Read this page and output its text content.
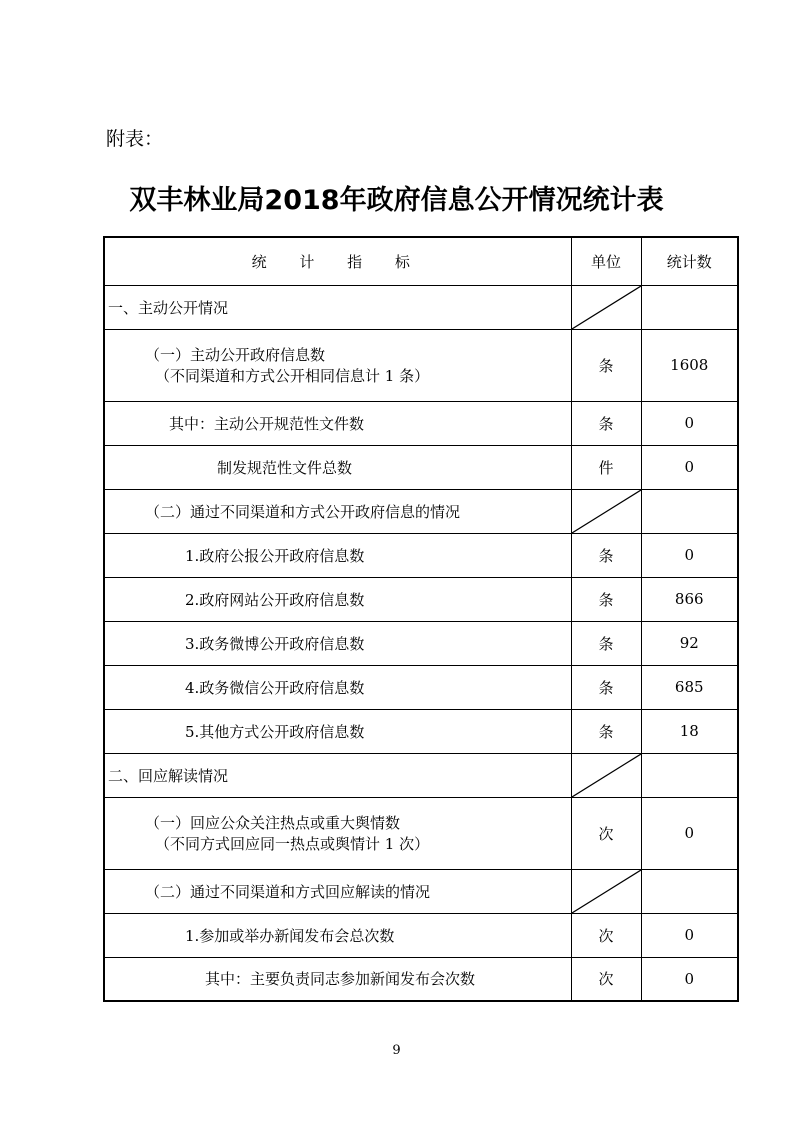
附表：
双丰林业局2018年政府信息公开情况统计表
统 计 指 标	单位	统计数
一、主动公开情况	

（一）主动公开政府信息数
（不同渠道和方式公开相同信息计 1 条）	条	1608
其中：主动公开规范性文件数	条	0
制发规范性文件总数	件	0
（二）通过不同渠道和方式公开政府信息的情况	

1.政府公报公开政府信息数	条	0
2.政府网站公开政府信息数	条	866
3.政务微博公开政府信息数	条	92
4.政务微信公开政府信息数	条	685
5.其他方式公开政府信息数	条	18
二、回应解读情况	

（一）回应公众关注热点或重大舆情数
（不同方式回应同一热点或舆情计 1 次）	次	0
（二）通过不同渠道和方式回应解读的情况	

1.参加或举办新闻发布会总次数	次	0
其中：主要负责同志参加新闻发布会次数	次	0
9
